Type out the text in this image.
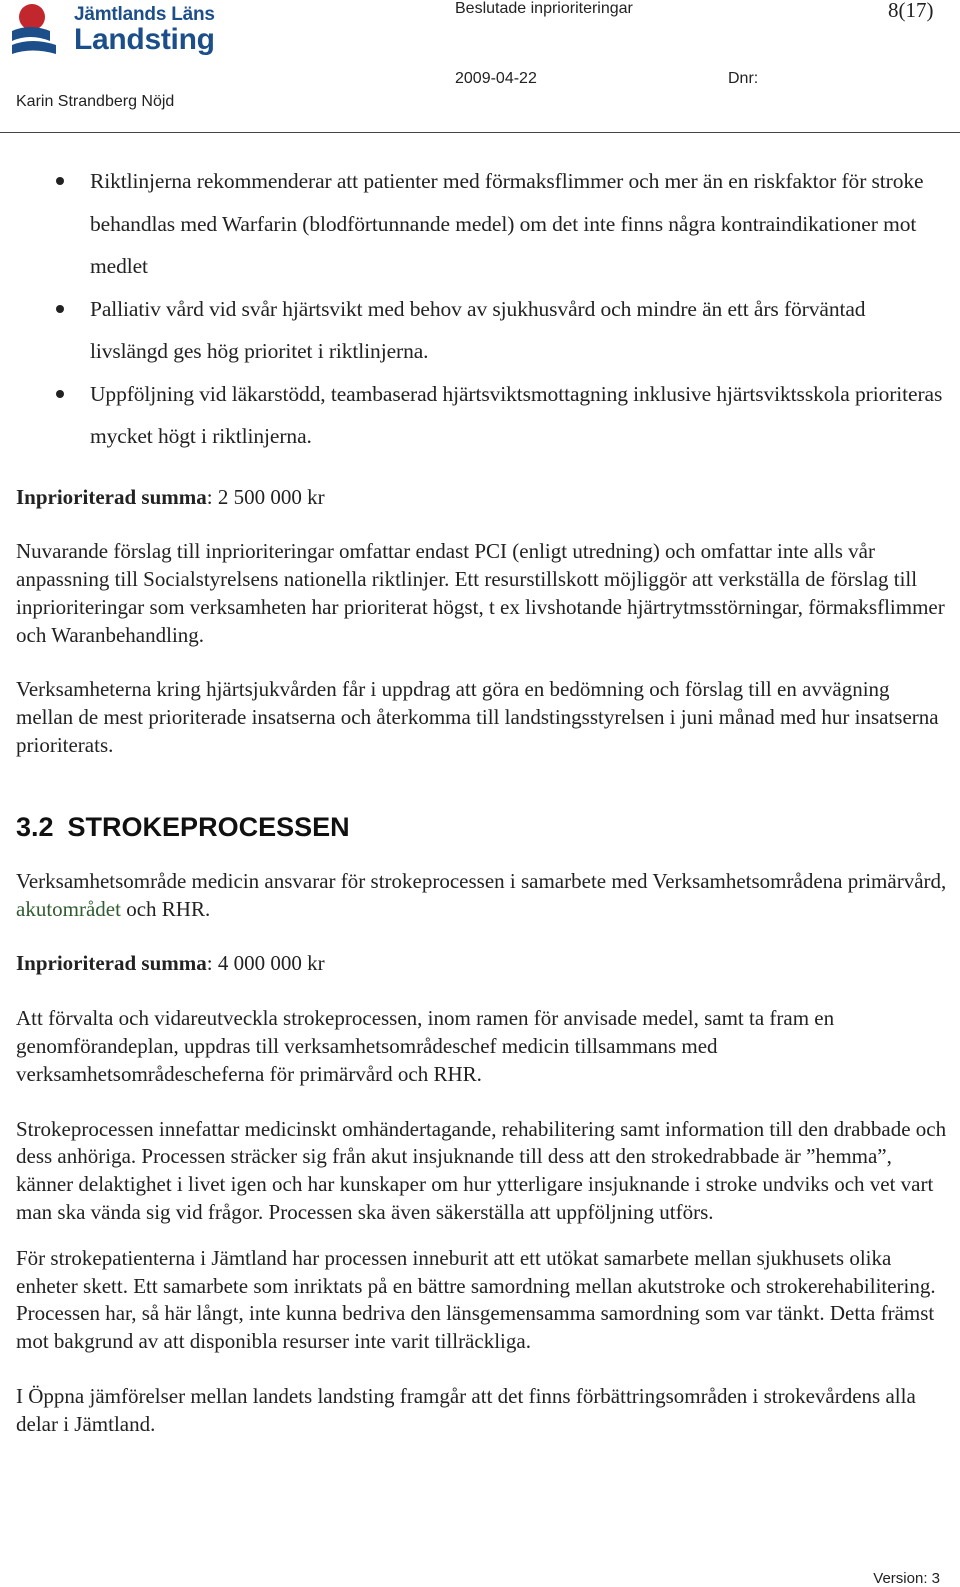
Jämtlands Läns
Landsting
Beslutade inprioriteringar	8(17)
2009-04-22	Dnr:
Karin Strandberg Nöjd
Riktlinjerna rekommenderar att patienter med förmaksflimmer och mer än en riskfaktor för stroke behandlas med Warfarin (blodförtunnande medel) om det inte finns några kontraindikationer mot medlet
Palliativ vård vid svår hjärtsvikt med behov av sjukhusvård och mindre än ett års förväntad livslängd ges hög prioritet i riktlinjerna.
Uppföljning vid läkarstödd, teambaserad hjärtsviktsmottagning inklusive hjärtsviktsskola prioriteras mycket högt i riktlinjerna.

Inprioriterad summa: 2 500 000 kr

Nuvarande förslag till inprioriteringar omfattar endast PCI (enligt utredning) och omfattar inte alls vår anpassning till Socialstyrelsens nationella riktlinjer. Ett resurstillskott möjliggör att verkställa de förslag till inprioriteringar som verksamheten har prioriterat högst, t ex livshotande hjärtrytmsstörningar, förmaksflimmer och Waranbehandling.

Verksamheterna kring hjärtsjukvården får i uppdrag att göra en bedömning och förslag till en avvägning mellan de mest prioriterade insatserna och återkomma till landstingsstyrelsen i juni månad med hur insatserna prioriterats.

3.2 STROKEPROCESSEN

Verksamhetsområde medicin ansvarar för strokeprocessen i samarbete med Verksamhetsområdena primärvård, akutområdet och RHR.

Inprioriterad summa: 4 000 000 kr

Att förvalta och vidareutveckla strokeprocessen, inom ramen för anvisade medel, samt ta fram en genomförandeplan, uppdras till verksamhetsområdeschef medicin tillsammans med verksamhetsområdescheferna för primärvård och RHR.

Strokeprocessen innefattar medicinskt omhändertagande, rehabilitering samt information till den drabbade och dess anhöriga. Processen sträcker sig från akut insjuknande till dess att den strokedrabbade är ”hemma”, känner delaktighet i livet igen och har kunskaper om hur ytterligare insjuknande i stroke undviks och vet vart man ska vända sig vid frågor. Processen ska även säkerställa att uppföljning utförs.

För strokepatienterna i Jämtland har processen inneburit att ett utökat samarbete mellan sjukhusets olika enheter skett. Ett samarbete som inriktats på en bättre samordning mellan akutstroke och strokerehabilitering. Processen har, så här långt, inte kunna bedriva den länsgemensamma samordning som var tänkt. Detta främst mot bakgrund av att disponibla resurser inte varit tillräckliga.

I Öppna jämförelser mellan landets landsting framgår att det finns förbättringsområden i strokevårdens alla delar i Jämtland.

Version: 3
